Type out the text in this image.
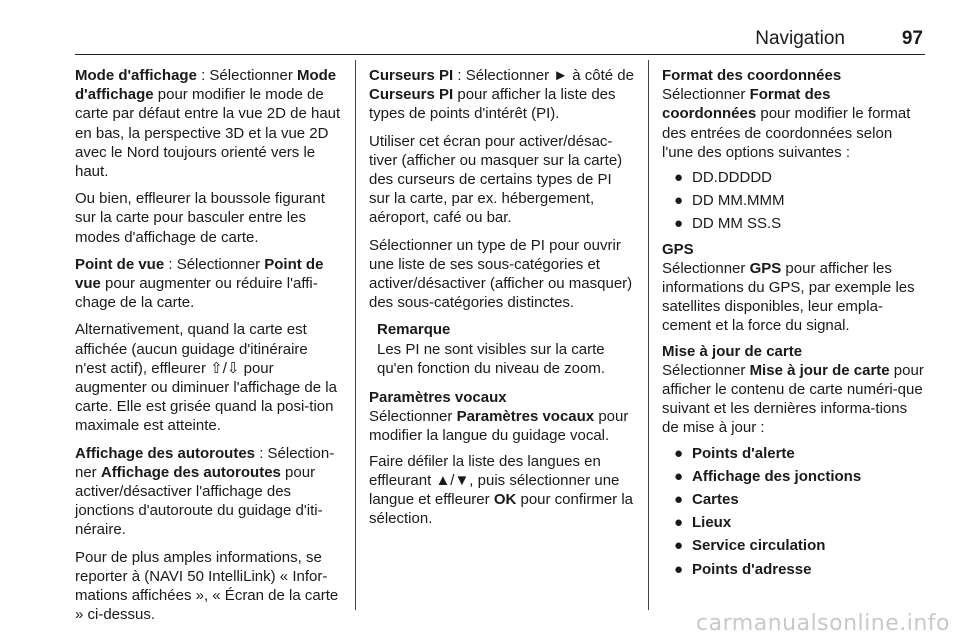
Navigation	97

Mode d'affichage : Sélectionner Mode d'affichage pour modifier le mode de carte par défaut entre la vue 2D de haut en bas, la perspective 3D et la vue 2D avec le Nord toujours orienté vers le haut.

Ou bien, effleurer la boussole figurant sur la carte pour basculer entre les modes d'affichage de carte.

Point de vue : Sélectionner Point de vue pour augmenter ou réduire l'affi-chage de la carte.

Alternativement, quand la carte est affichée (aucun guidage d'itinéraire n'est actif), effleurer ⇧/⇩ pour augmenter ou diminuer l'affichage de la carte. Elle est grisée quand la posi-tion maximale est atteinte.

Affichage des autoroutes : Sélection-ner Affichage des autoroutes pour activer/désactiver l'affichage des jonctions d'autoroute du guidage d'iti-néraire.

Pour de plus amples informations, se reporter à (NAVI 50 IntelliLink) « Infor-mations affichées », « Écran de la carte » ci-dessus.

Curseurs PI : Sélectionner ► à côté de Curseurs PI pour afficher la liste des types de points d'intérêt (PI).

Utiliser cet écran pour activer/désac-tiver (afficher ou masquer sur la carte) des curseurs de certains types de PI sur la carte, par ex. hébergement, aéroport, café ou bar.

Sélectionner un type de PI pour ouvrir une liste de ses sous-catégories et activer/désactiver (afficher ou masquer) des sous-catégories distinctes.

Remarque
Les PI ne sont visibles sur la carte qu'en fonction du niveau de zoom.

Paramètres vocaux
Sélectionner Paramètres vocaux pour modifier la langue du guidage vocal.

Faire défiler la liste des langues en effleurant ▲/▼, puis sélectionner une langue et effleurer OK pour confirmer la sélection.

Format des coordonnées
Sélectionner Format des coordonnées pour modifier le format des entrées de coordonnées selon l'une des options suivantes :

● DD.DDDDD
● DD MM.MMM
● DD MM SS.S

GPS
Sélectionner GPS pour afficher les informations du GPS, par exemple les satellites disponibles, leur empla-cement et la force du signal.

Mise à jour de carte
Sélectionner Mise à jour de carte pour afficher le contenu de carte numéri-que suivant et les dernières informa-tions de mise à jour :

● Points d'alerte
● Affichage des jonctions
● Cartes
● Lieux
● Service circulation
● Points d'adresse
carmanualsonline.info
